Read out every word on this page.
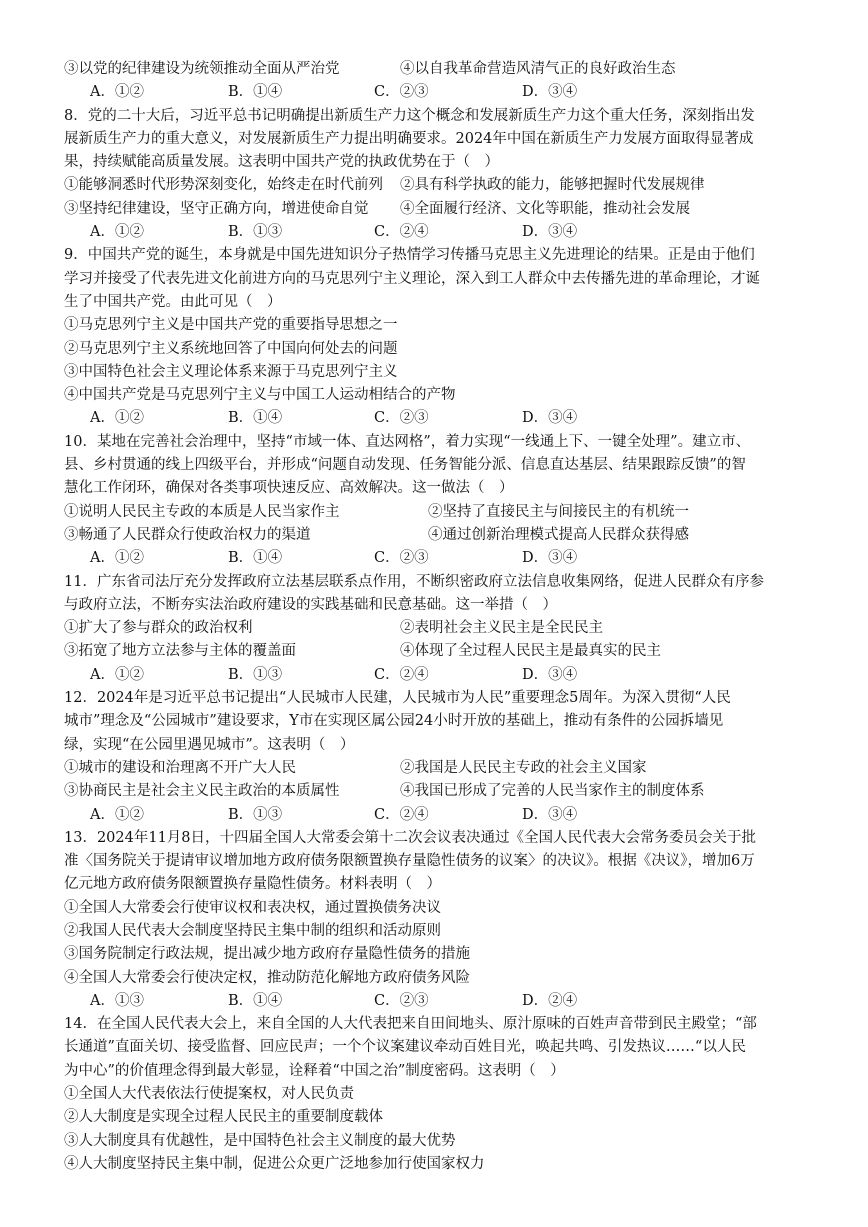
③以党的纪律建设为统领推动全面从严治党	④以自我革命营造风清气正的良好政治生态
A．①②	B．①④	C．②③	D．③④
8．党的二十大后，习近平总书记明确提出新质生产力这个概念和发展新质生产力这个重大任务，深刻指出发
展新质生产力的重大意义，对发展新质生产力提出明确要求。2024年中国在新质生产力发展方面取得显著成
果，持续赋能高质量发展。这表明中国共产党的执政优势在于（　）
①能够洞悉时代形势深刻变化，始终走在时代前列	②具有科学执政的能力，能够把握时代发展规律
③坚持纪律建设，坚守正确方向，增进使命自觉	④全面履行经济、文化等职能，推动社会发展
A．①②	B．①③	C．②④	D．③④
9．中国共产党的诞生，本身就是中国先进知识分子热情学习传播马克思主义先进理论的结果。正是由于他们
学习并接受了代表先进文化前进方向的马克思列宁主义理论，深入到工人群众中去传播先进的革命理论，才诞
生了中国共产党。由此可见（　）
①马克思列宁主义是中国共产党的重要指导思想之一
②马克思列宁主义系统地回答了中国向何处去的问题
③中国特色社会主义理论体系来源于马克思列宁主义
④中国共产党是马克思列宁主义与中国工人运动相结合的产物
A．①②	B．①④	C．②③	D．③④
10．某地在完善社会治理中，坚持“市域一体、直达网格”，着力实现“一线通上下、一键全处理”。建立市、
县、乡村贯通的线上四级平台，并形成“问题自动发现、任务智能分派、信息直达基层、结果跟踪反馈”的智
慧化工作闭环，确保对各类事项快速反应、高效解决。这一做法（　）
①说明人民民主专政的本质是人民当家作主	②坚持了直接民主与间接民主的有机统一
③畅通了人民群众行使政治权力的渠道	④通过创新治理模式提高人民群众获得感
A．①②	B．①④	C．②③	D．③④
11．广东省司法厅充分发挥政府立法基层联系点作用，不断织密政府立法信息收集网络，促进人民群众有序参
与政府立法，不断夯实法治政府建设的实践基础和民意基础。这一举措（　）
①扩大了参与群众的政治权利	②表明社会主义民主是全民民主
③拓宽了地方立法参与主体的覆盖面	④体现了全过程人民民主是最真实的民主
A．①②	B．①③	C．②④	D．③④
12．2024年是习近平总书记提出“人民城市人民建，人民城市为人民”重要理念5周年。为深入贯彻“人民
城市”理念及“公园城市”建设要求，Y市在实现区属公园24小时开放的基础上，推动有条件的公园拆墙见
绿，实现“在公园里遇见城市”。这表明（　）
①城市的建设和治理离不开广大人民	②我国是人民民主专政的社会主义国家
③协商民主是社会主义民主政治的本质属性	④我国已形成了完善的人民当家作主的制度体系
A．①②	B．①③	C．②④	D．③④
13．2024年11月8日，十四届全国人大常委会第十二次会议表决通过《全国人民代表大会常务委员会关于批
准〈国务院关于提请审议增加地方政府债务限额置换存量隐性债务的议案〉的决议》。根据《决议》，增加6万
亿元地方政府债务限额置换存量隐性债务。材料表明（　）
①全国人大常委会行使审议权和表决权，通过置换债务决议
②我国人民代表大会制度坚持民主集中制的组织和活动原则
③国务院制定行政法规，提出减少地方政府存量隐性债务的措施
④全国人大常委会行使决定权，推动防范化解地方政府债务风险
A．①③	B．①④	C．②③	D．②④
14．在全国人民代表大会上，来自全国的人大代表把来自田间地头、原汁原味的百姓声音带到民主殿堂；“部
长通道”直面关切、接受监督、回应民声；一个个议案建议牵动百姓目光，唤起共鸣、引发热议……“以人民
为中心”的价值理念得到最大彰显，诠释着“中国之治”制度密码。这表明（　）
①全国人大代表依法行使提案权，对人民负责
②人大制度是实现全过程人民民主的重要制度载体
③人大制度具有优越性，是中国特色社会主义制度的最大优势
④人大制度坚持民主集中制，促进公众更广泛地参加行使国家权力
